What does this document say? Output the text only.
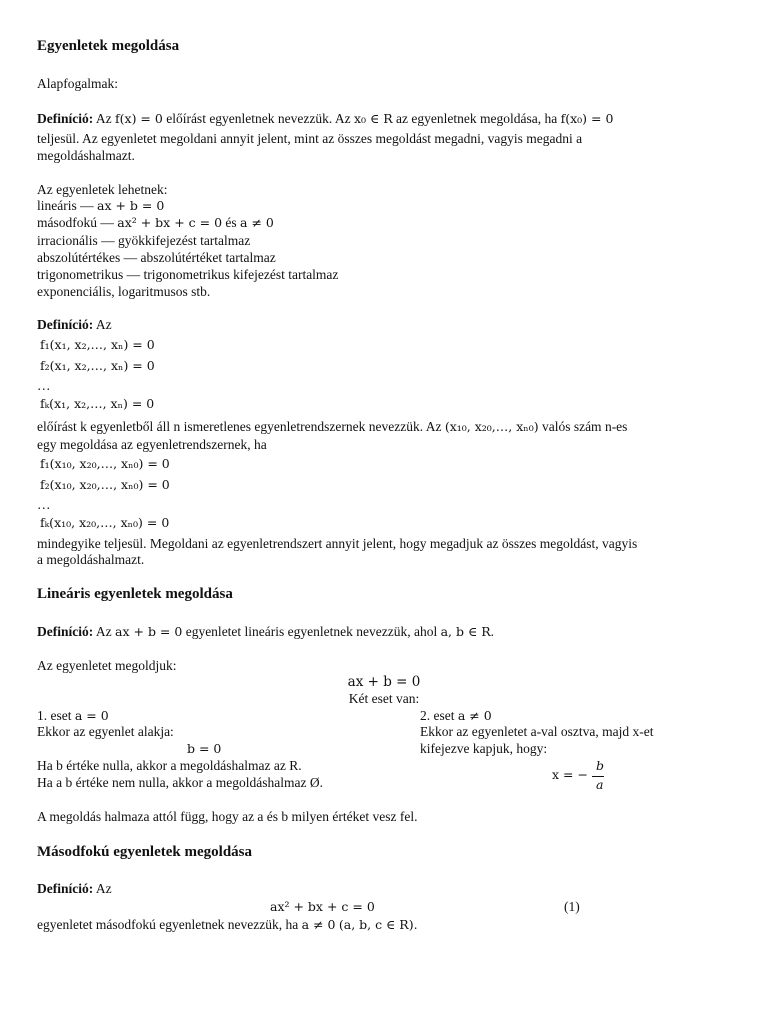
Egyenletek megoldása
Alapfogalmak:
Definíció: Az f(x) = 0 előírást egyenletnek nevezzük. Az x₀ ∈ R az egyenletnek megoldása, ha f(x₀) = 0
teljesül. Az egyenletet megoldani annyit jelent, mint az összes megoldást megadni, vagyis megadni a
megoldáshalmazt.
Az egyenletek lehetnek:
lineáris — ax + b = 0
másodfokú — ax² + bx + c = 0 és a ≠ 0
irracionális — gyökkifejezést tartalmaz
abszolútértékes — abszolútértéket tartalmaz
trigonometrikus — trigonometrikus kifejezést tartalmaz
exponenciális, logaritmusos stb.
Definíció: Az
f₁(x₁, x₂,…, xₙ) = 0
f₂(x₁, x₂,…, xₙ) = 0
…
fₖ(x₁, x₂,…, xₙ) = 0
előírást k egyenletből áll n ismeretlenes egyenletrendszernek nevezzük. Az (x₁₀, x₂₀,…, xₙ₀) valós szám n-es
egy megoldása az egyenletrendszernek, ha
f₁(x₁₀, x₂₀,…, xₙ₀) = 0
f₂(x₁₀, x₂₀,…, xₙ₀) = 0
…
fₖ(x₁₀, x₂₀,…, xₙ₀) = 0
mindegyike teljesül. Megoldani az egyenletrendszert annyit jelent, hogy megadjuk az összes megoldást, vagyis
a megoldáshalmazt.
Lineáris egyenletek megoldása
Definíció: Az ax + b = 0 egyenletet lineáris egyenletnek nevezzük, ahol a, b ∈ R.
Az egyenletet megoldjuk:
ax + b = 0
Két eset van:
1. eset a = 0
Ekkor az egyenlet alakja:
b = 0
Ha b értéke nulla, akkor a megoldáshalmaz az R.
Ha a b értéke nem nulla, akkor a megoldáshalmaz Ø.
2. eset a ≠ 0
Ekkor az egyenletet a-val osztva, majd x-et
kifejezve kapjuk, hogy:
x = −
b
a
A megoldás halmaza attól függ, hogy az a és b milyen értéket vesz fel.
Másodfokú egyenletek megoldása
Definíció: Az
ax² + bx + c = 0	(1)
egyenletet másodfokú egyenletnek nevezzük, ha a ≠ 0 (a, b, c ∈ R).
